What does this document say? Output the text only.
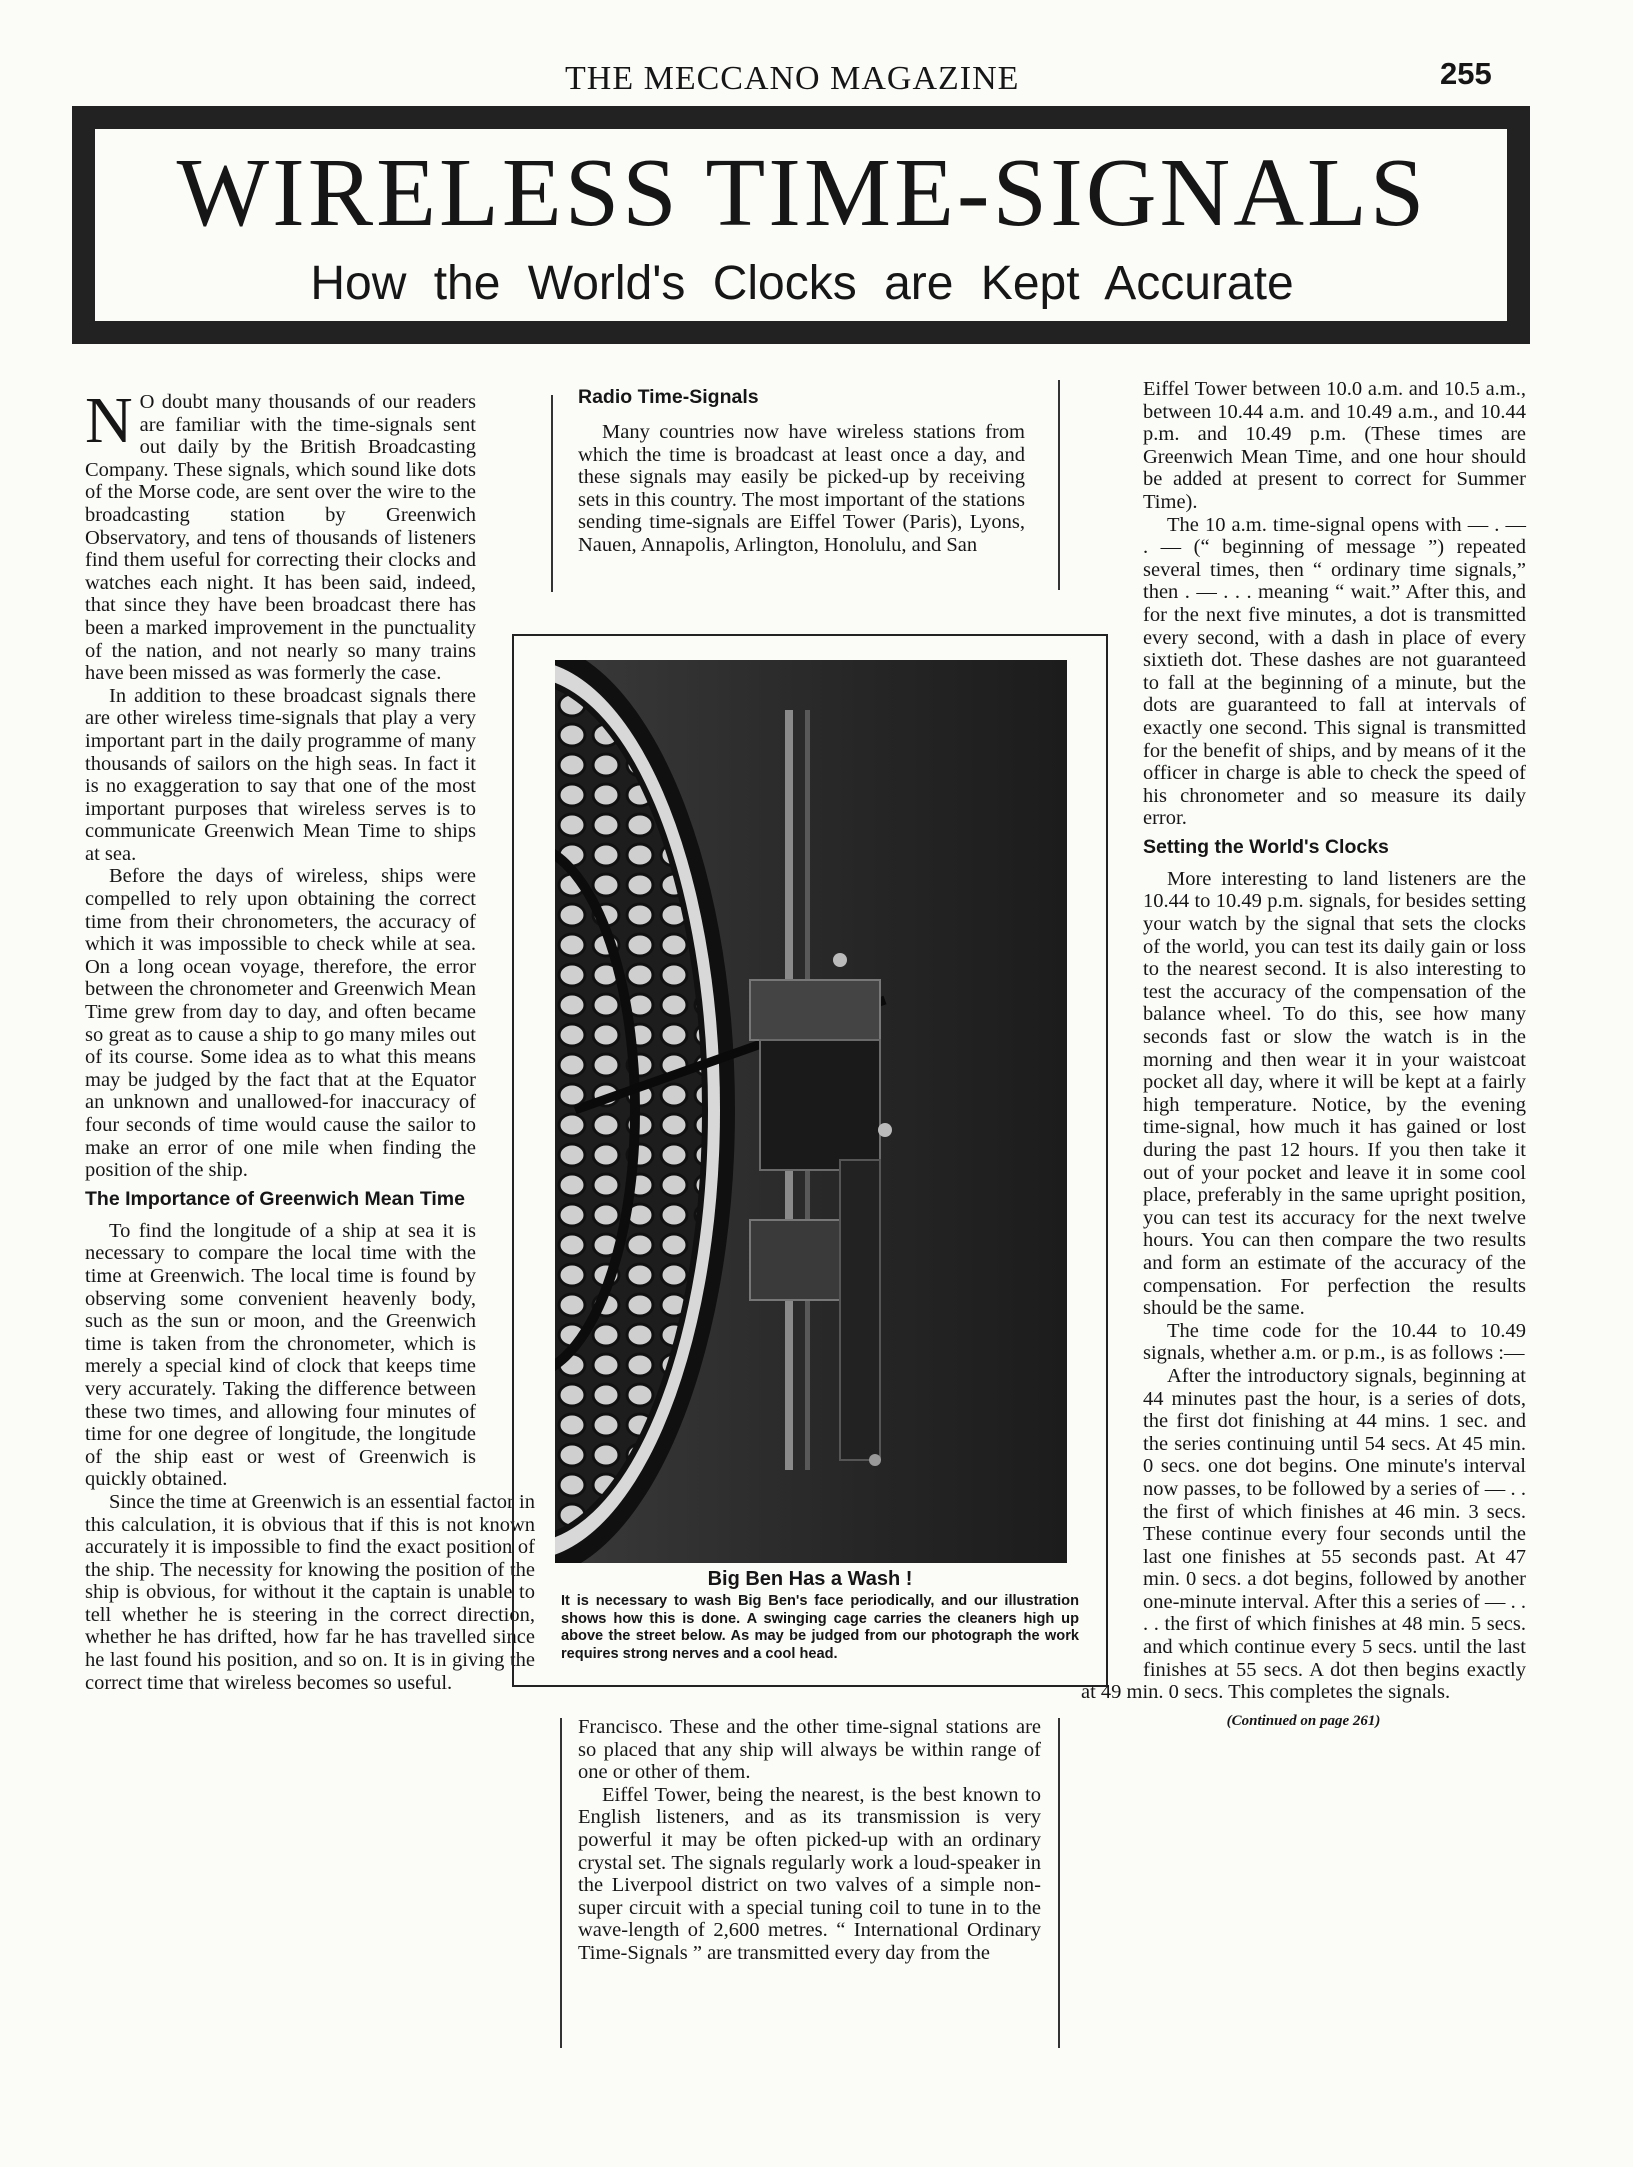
THE MECCANO MAGAZINE	255
WIRELESS TIME-SIGNALS
How the World's Clocks are Kept Accurate

N O doubt many thousands of our readers are familiar with the time-signals sent out daily by the British Broadcasting Company. These signals, which sound like dots of the Morse code, are sent over the wire to the broadcasting station by Greenwich Observatory, and tens of thousands of listeners find them useful for correcting their clocks and watches each night. It has been said, indeed, that since they have been broadcast there has been a marked improvement in the punctuality of the nation, and not nearly so many trains have been missed as was formerly the case.

In addition to these broadcast signals there are other wireless time-signals that play a very important part in the daily programme of many thousands of sailors on the high seas. In fact it is no exaggeration to say that one of the most important purposes that wireless serves is to communicate Greenwich Mean Time to ships at sea.

Before the days of wireless, ships were compelled to rely upon obtaining the correct time from their chronometers, the accuracy of which it was impossible to check while at sea. On a long ocean voyage, therefore, the error between the chronometer and Greenwich Mean Time grew from day to day, and often became so great as to cause a ship to go many miles out of its course. Some idea as to what this means may be judged by the fact that at the Equator an unknown and unallowed-for inaccuracy of four seconds of time would cause the sailor to make an error of one mile when finding the position of the ship.

The Importance of Greenwich Mean Time

To find the longitude of a ship at sea it is necessary to compare the local time with the time at Greenwich. The local time is found by observing some convenient heavenly body, such as the sun or moon, and the Greenwich time is taken from the chronometer, which is merely a special kind of clock that keeps time very accurately. Taking the difference between these two times, and allowing four minutes of time for one degree of longitude, the longitude of the ship east or west of Greenwich is quickly obtained.

Since the time at Greenwich is an essential factor in this calculation, it is obvious that if this is not known accurately it is impossible to find the exact position of the ship. The necessity for knowing the position of the ship is obvious, for without it the captain is unable to tell whether he is steering in the correct direction, whether he has drifted, how far he has travelled since he last found his position, and so on. It is in giving the correct time that wireless becomes so useful.

Radio Time-Signals

Many countries now have wireless stations from which the time is broadcast at least once a day, and these signals may easily be picked-up by receiving sets in this country. The most important of the stations sending time-signals are Eiffel Tower (Paris), Lyons, Nauen, Annapolis, Arlington, Honolulu, and San

Big Ben Has a Wash !
It is necessary to wash Big Ben's face periodically, and our illustration shows how this is done. A swinging cage carries the cleaners high up above the street below. As may be judged from our photograph the work requires strong nerves and a cool head.

Francisco. These and the other time-signal stations are so placed that any ship will always be within range of one or other of them.

Eiffel Tower, being the nearest, is the best known to English listeners, and as its transmission is very powerful it may be often picked-up with an ordinary crystal set. The signals regularly work a loud-speaker in the Liverpool district on two valves of a simple non-super circuit with a special tuning coil to tune in to the wave-length of 2,600 metres. “ International Ordinary Time-Signals ” are transmitted every day from the

Eiffel Tower between 10.0 a.m. and 10.5 a.m., between 10.44 a.m. and 10.49 a.m., and 10.44 p.m. and 10.49 p.m. (These times are Greenwich Mean Time, and one hour should be added at present to correct for Summer Time).

The 10 a.m. time-signal opens with — . — . — (“ beginning of message ”) repeated several times, then “ ordinary time signals,” then . — . . . meaning “ wait.” After this, and for the next five minutes, a dot is transmitted every second, with a dash in place of every sixtieth dot. These dashes are not guaranteed to fall at the beginning of a minute, but the dots are guaranteed to fall at intervals of exactly one second. This signal is transmitted for the benefit of ships, and by means of it the officer in charge is able to check the speed of his chronometer and so measure its daily error.

Setting the World's Clocks

More interesting to land listeners are the 10.44 to 10.49 p.m. signals, for besides setting your watch by the signal that sets the clocks of the world, you can test its daily gain or loss to the nearest second. It is also interesting to test the accuracy of the compensation of the balance wheel. To do this, see how many seconds fast or slow the watch is in the morning and then wear it in your waistcoat pocket all day, where it will be kept at a fairly high temperature. Notice, by the evening time-signal, how much it has gained or lost during the past 12 hours. If you then take it out of your pocket and leave it in some cool place, preferably in the same upright position, you can test its accuracy for the next twelve hours. You can then compare the two results and form an estimate of the accuracy of the compensation. For perfection the results should be the same.

The time code for the 10.44 to 10.49 signals, whether a.m. or p.m., is as follows :—

After the introductory signals, beginning at 44 minutes past the hour, is a series of dots, the first dot finishing at 44 mins. 1 sec. and the series continuing until 54 secs. At 45 min. 0 secs. one dot begins. One minute's interval now passes, to be followed by a series of — . . the first of which finishes at 46 min. 3 secs. These continue every four seconds until the last one finishes at 55 seconds past. At 47 min. 0 secs. a dot begins, followed by another one-minute interval. After this a series of — . . . . the first of which finishes at 48 min. 5 secs. and which continue every 5 secs. until the last finishes at 55 secs. A dot then begins exactly at 49 min. 0 secs. This completes the signals.

(Continued on page 261)
